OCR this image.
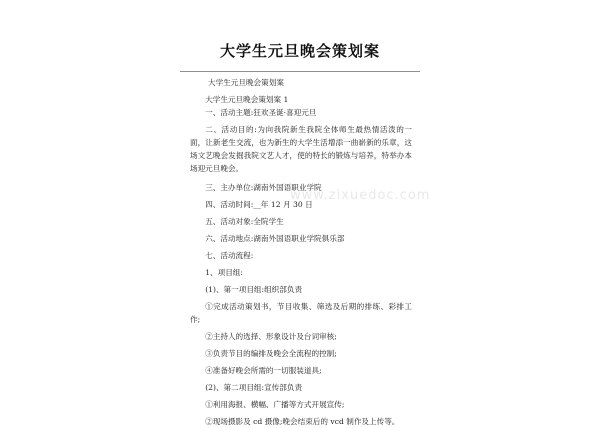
大学生元旦晚会策划案
www.zixuedoc.com

大学生元旦晚会策划案

大学生元旦晚会策划案 1

一、活动主题:狂欢圣诞·喜迎元旦

二、活动目的:为向我院新生我院全体师生最热情活泼的一面，让新老生交流，也为新生的大学生活增添一曲崭新的乐章，这场文艺晚会发掘我院文艺人才，使的特长的锻炼与培养，特举办本场迎元旦晚会。

三、主办单位:湖南外国语职业学院

四、活动时间:__年 12 月 30 日

五、活动对象:全院学生

六、活动地点:湖南外国语职业学院俱乐部

七、活动流程:

1、项目组:

(1)、第一项目组:组织部负责

①完成活动策划书，节目收集、筛选及后期的排练、彩排工作;

②主持人的选择、形象设计及台词审核;

③负责节目的编排及晚会全流程的控制;

④准备好晚会所需的一切服装道具;

(2)、第二项目组:宣传部负责

①利用海报、横幅、广播等方式开展宣传;

②现场摄影及 cd 摄像;晚会结束后的 vcd 制作及上传等。
